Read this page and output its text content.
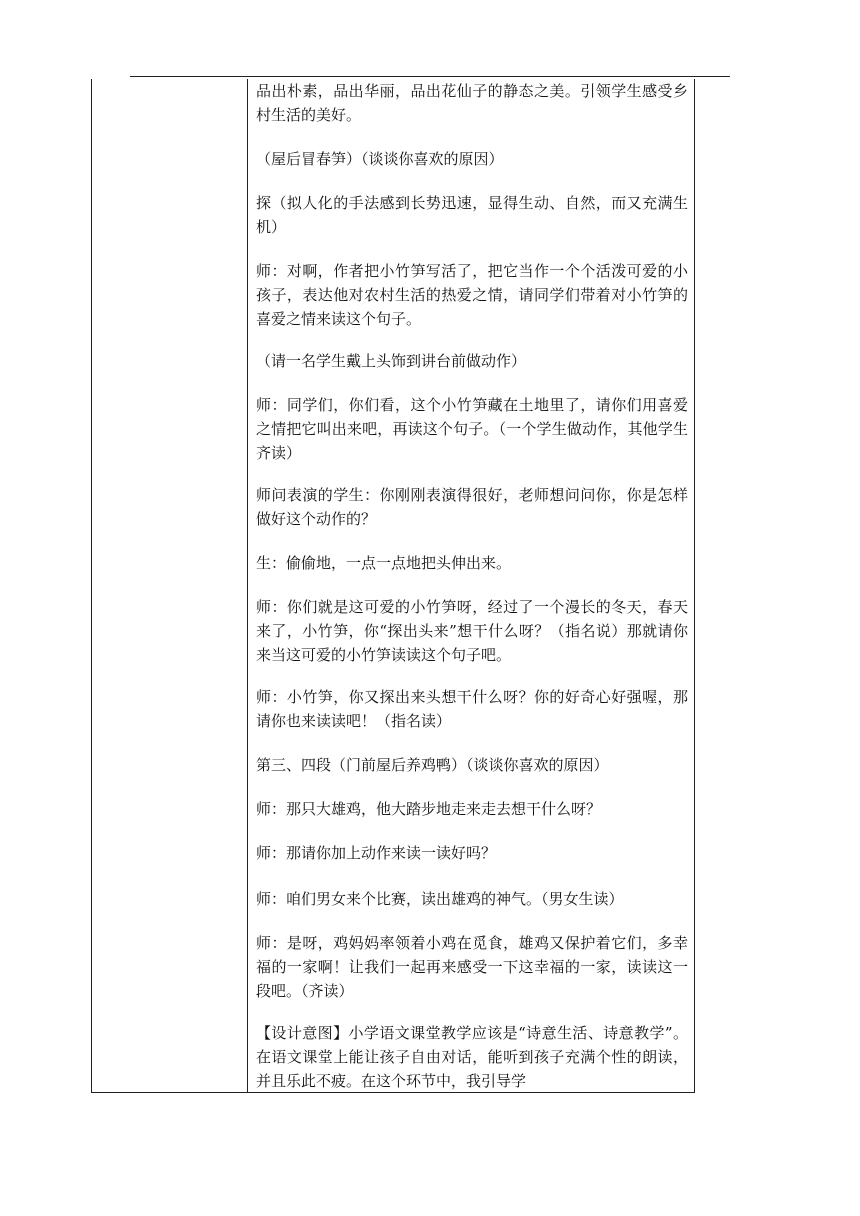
品出朴素，品出华丽，品出花仙子的静态之美。引领学生感受乡村生活的美好。

（屋后冒春笋）（谈谈你喜欢的原因）

探（拟人化的手法感到长势迅速，显得生动、自然，而又充满生机）

师：对啊，作者把小竹笋写活了，把它当作一个个活泼可爱的小孩子，表达他对农村生活的热爱之情，请同学们带着对小竹笋的喜爱之情来读这个句子。

（请一名学生戴上头饰到讲台前做动作）

师：同学们，你们看，这个小竹笋藏在土地里了，请你们用喜爱之情把它叫出来吧，再读这个句子。（一个学生做动作，其他学生齐读）

师问表演的学生：你刚刚表演得很好，老师想问问你，你是怎样做好这个动作的？

生：偷偷地，一点一点地把头伸出来。

师：你们就是这可爱的小竹笋呀，经过了一个漫长的冬天，春天来了，小竹笋，你“探出头来”想干什么呀？（指名说）那就请你来当这可爱的小竹笋读读这个句子吧。

师：小竹笋，你又探出来头想干什么呀？你的好奇心好强喔，那请你也来读读吧！（指名读）

第三、四段（门前屋后养鸡鸭）（谈谈你喜欢的原因）

师：那只大雄鸡，他大踏步地走来走去想干什么呀？

师：那请你加上动作来读一读好吗？

师：咱们男女来个比赛，读出雄鸡的神气。（男女生读）

师：是呀，鸡妈妈率领着小鸡在觅食，雄鸡又保护着它们，多幸福的一家啊！让我们一起再来感受一下这幸福的一家，读读这一段吧。（齐读）

【设计意图】小学语文课堂教学应该是“诗意生活、诗意教学”。在语文课堂上能让孩子自由对话，能听到孩子充满个性的朗读，并且乐此不疲。在这个环节中，我引导学
